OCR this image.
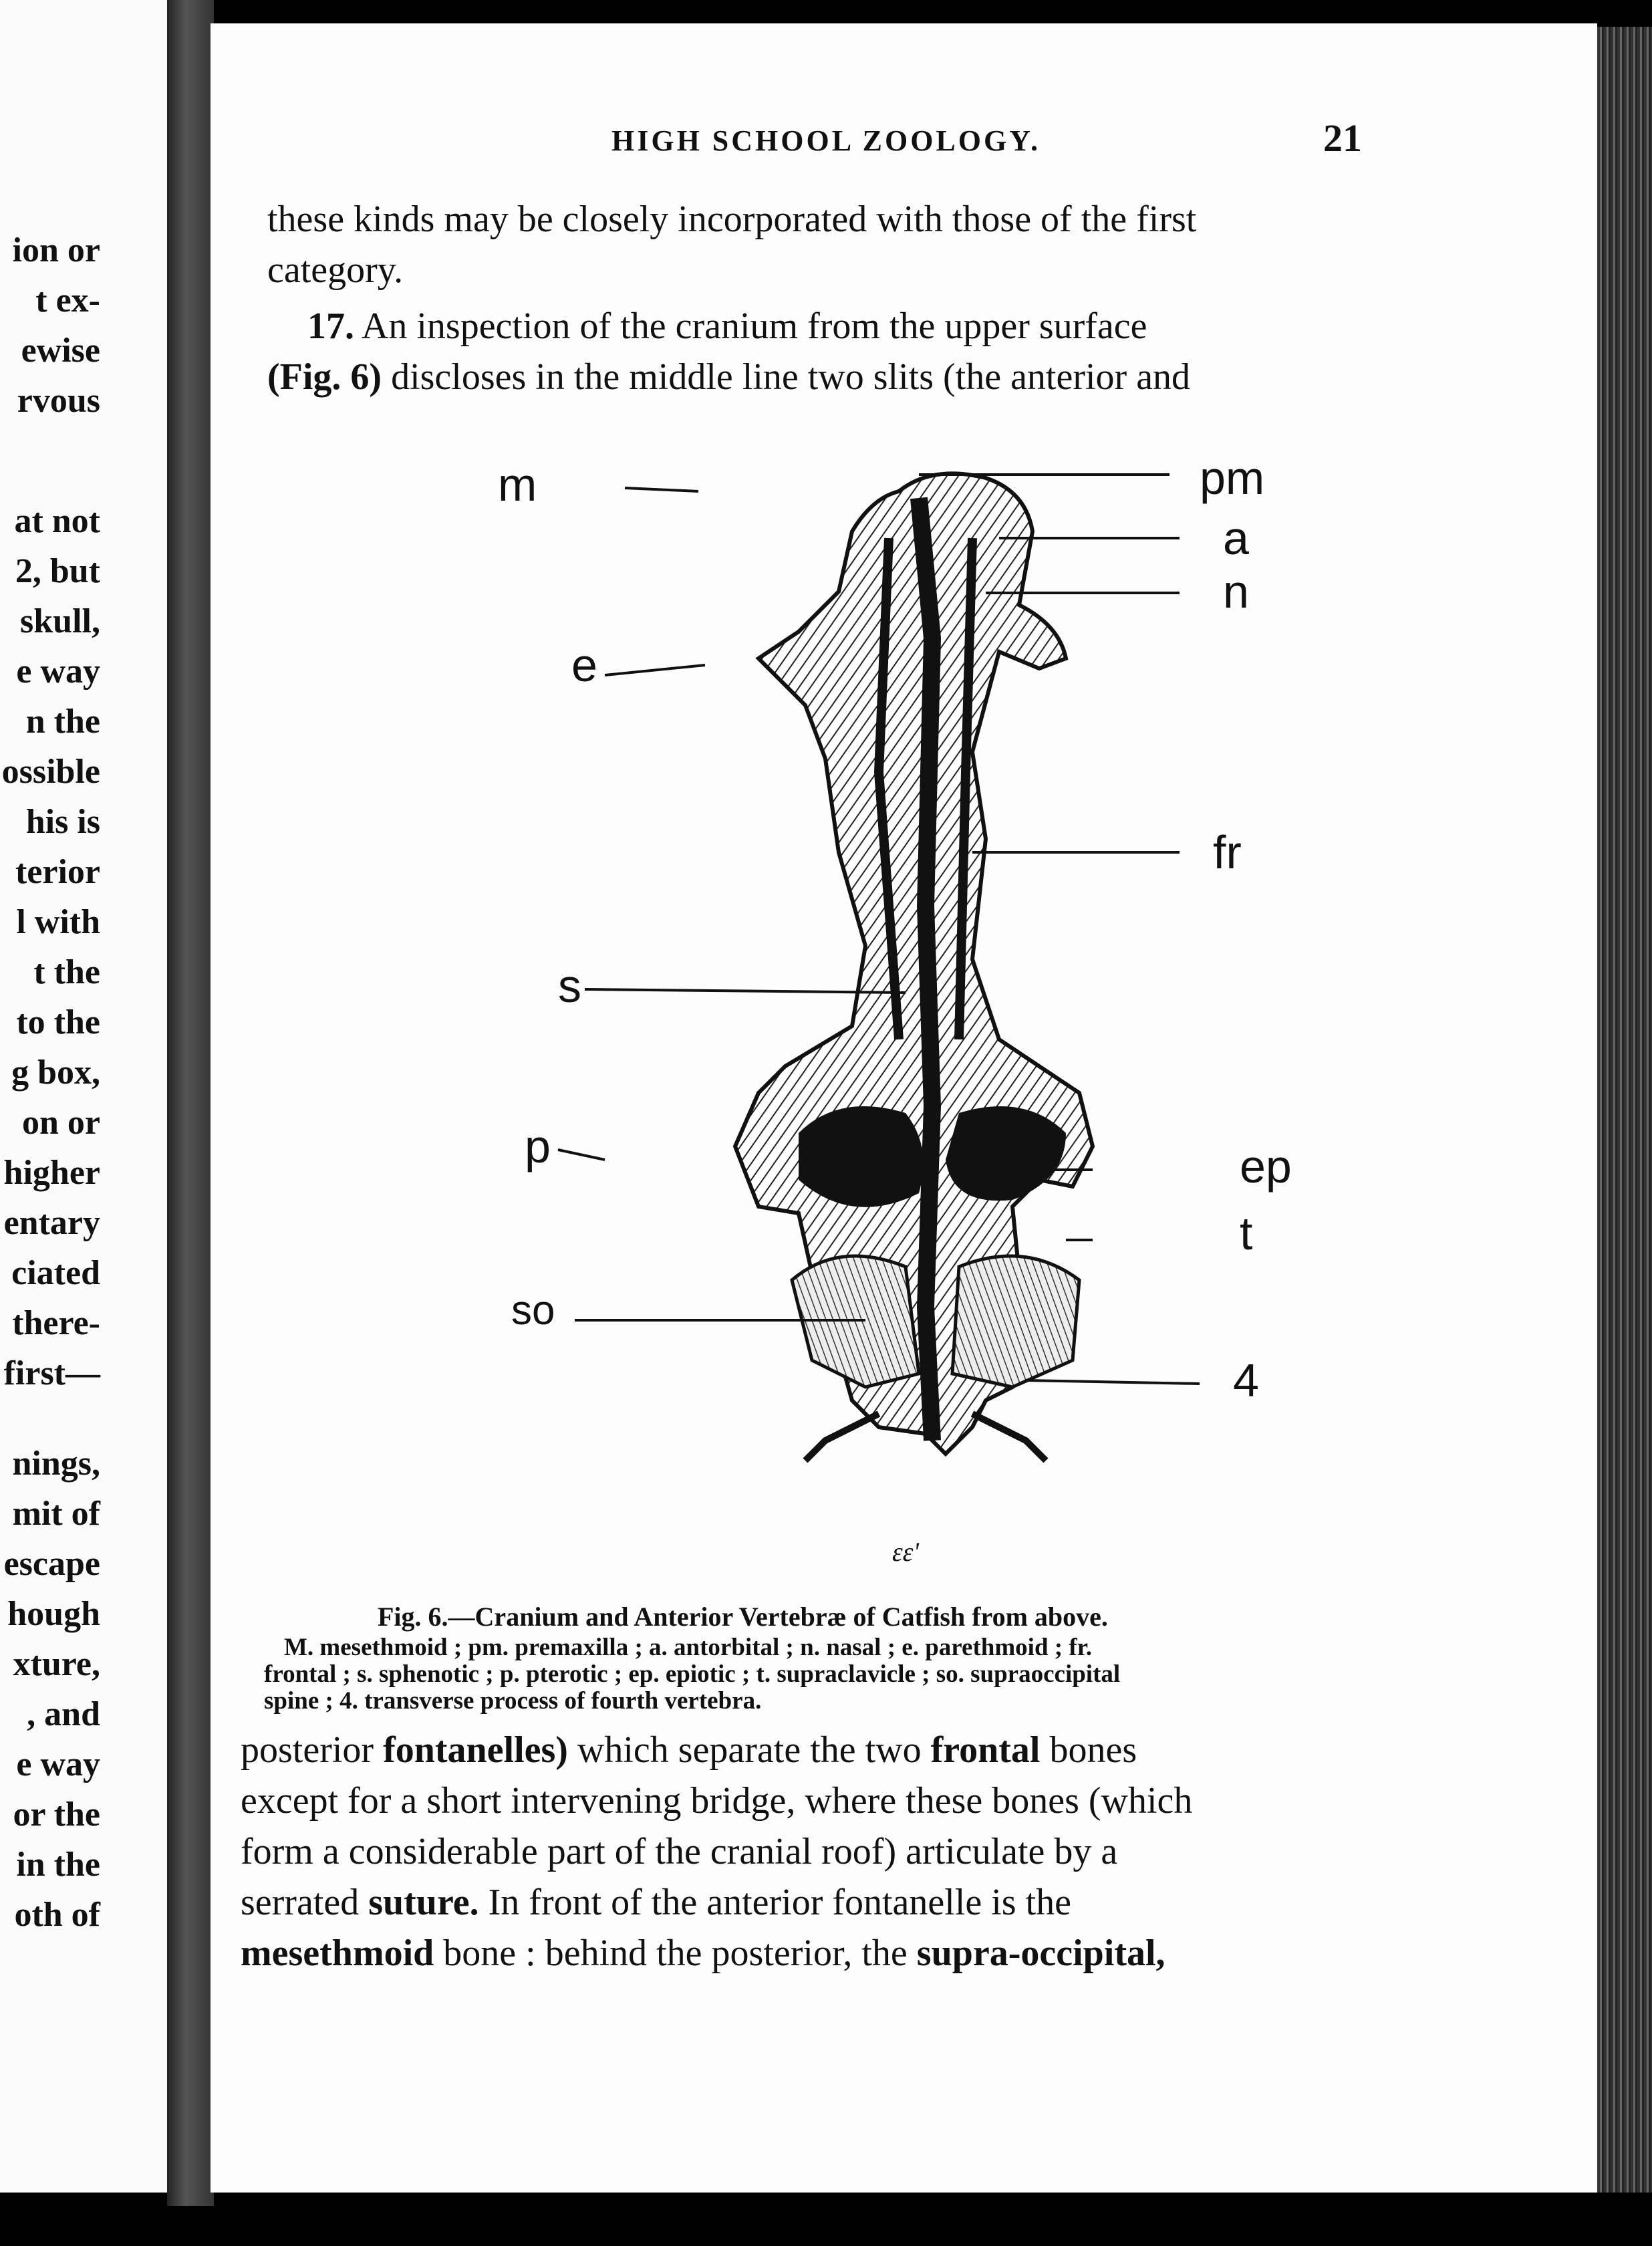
ion or
t ex-
ewise
rvous
at not
2, but
skull,
e way
n the
ossible
his is
terior
l with
t the
to the
g box,
on or
higher
entary
ciated
there-
first—
nings,
mit of
escape
hough
xture,
, and
e way
or the
in the
oth of
HIGH SCHOOL ZOOLOGY.	21
these kinds may be closely incorporated with those of the first
category.
17. An inspection of the cranium from the upper surface
(Fig. 6) discloses in the middle line two slits (the anterior and
ɛɛ'
m	pm
a
n
e
fr
s
p	ep
t
so
4
Fig. 6.—Cranium and Anterior Vertebræ of Catfish from above.
M. mesethmoid ; pm. premaxilla ; a. antorbital ; n. nasal ; e. parethmoid ; fr.
frontal ; s. sphenotic ; p. pterotic ; ep. epiotic ; t. supraclavicle ; so. supraoccipital
spine ; 4. transverse process of fourth vertebra.
posterior fontanelles) which separate the two frontal bones
except for a short intervening bridge, where these bones (which
form a considerable part of the cranial roof) articulate by a
serrated suture. In front of the anterior fontanelle is the
mesethmoid bone : behind the posterior, the supra-occipital,
